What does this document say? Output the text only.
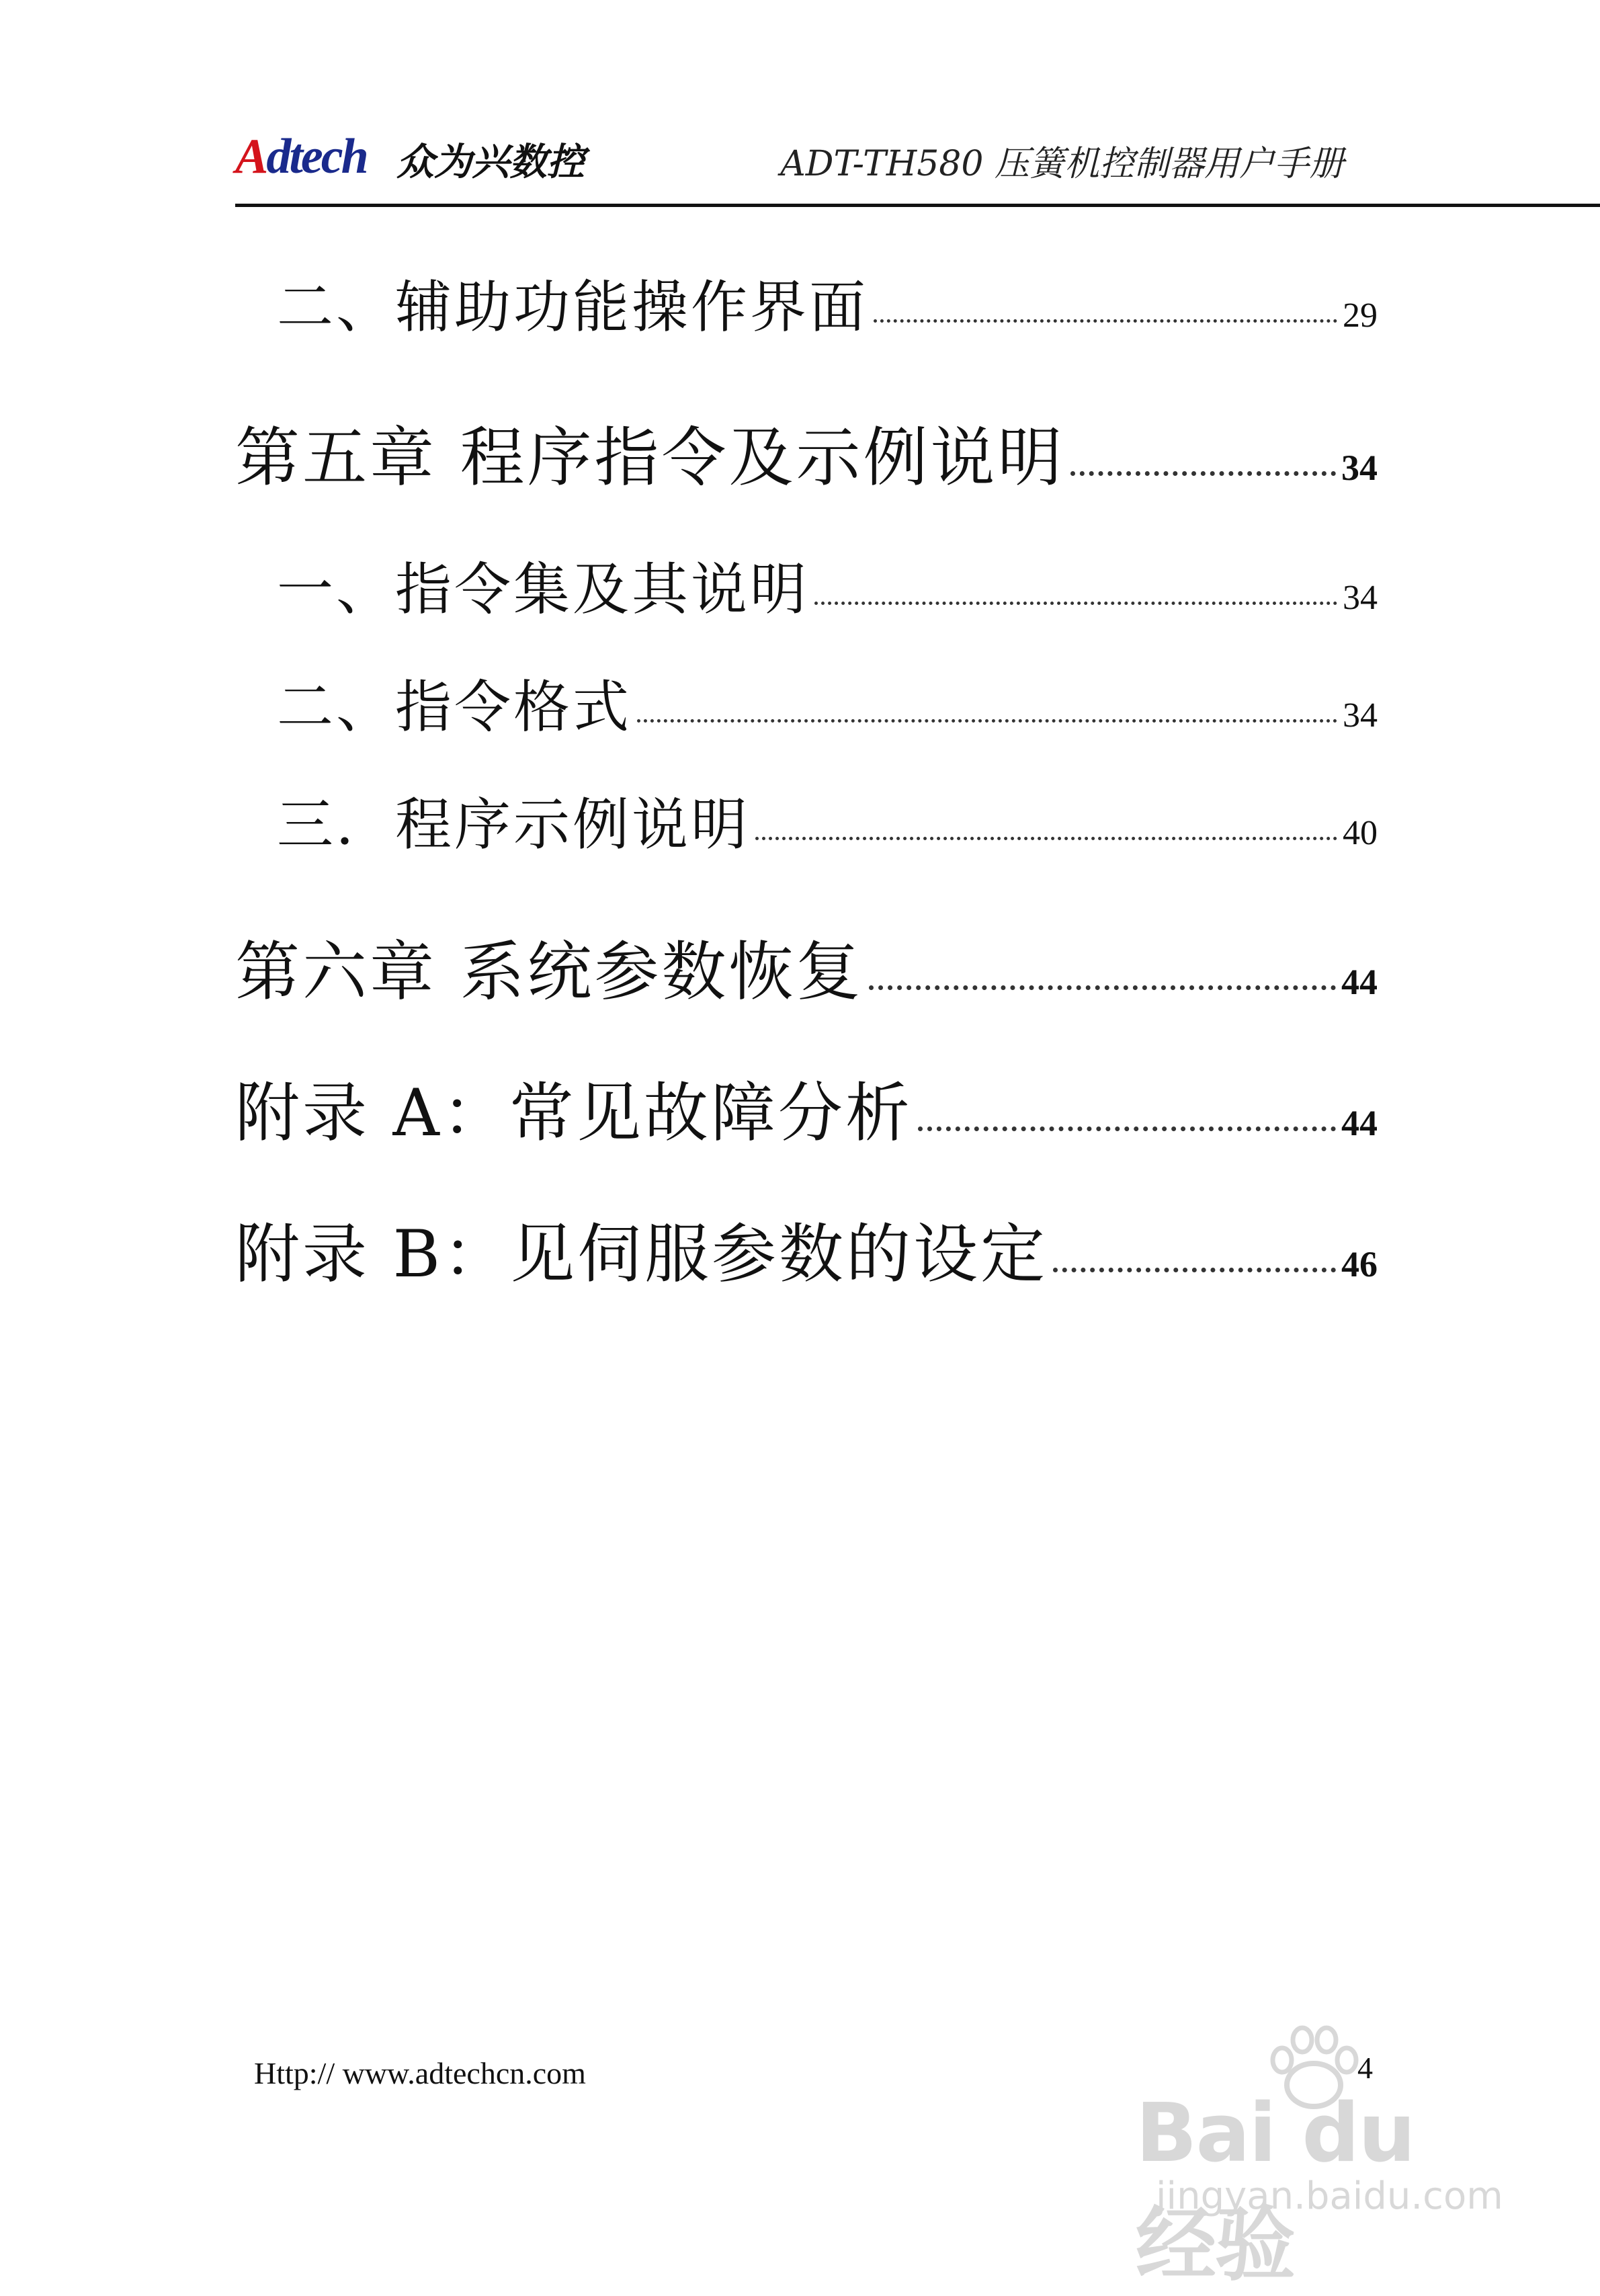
Adtech 众为兴数控	ADT-TH580 压簧机控制器用户手册
二、辅助功能操作界面	29
第五章 程序指令及示例说明	34
一、指令集及其说明	34
二、指令格式	34
三．程序示例说明	40
第六章 系统参数恢复	44
附录 A：常见故障分析	44
附录 B：见伺服参数的设定	46
Http:// www.adtechcn.com	4
Bai du 经验
jingyan.baidu.com
